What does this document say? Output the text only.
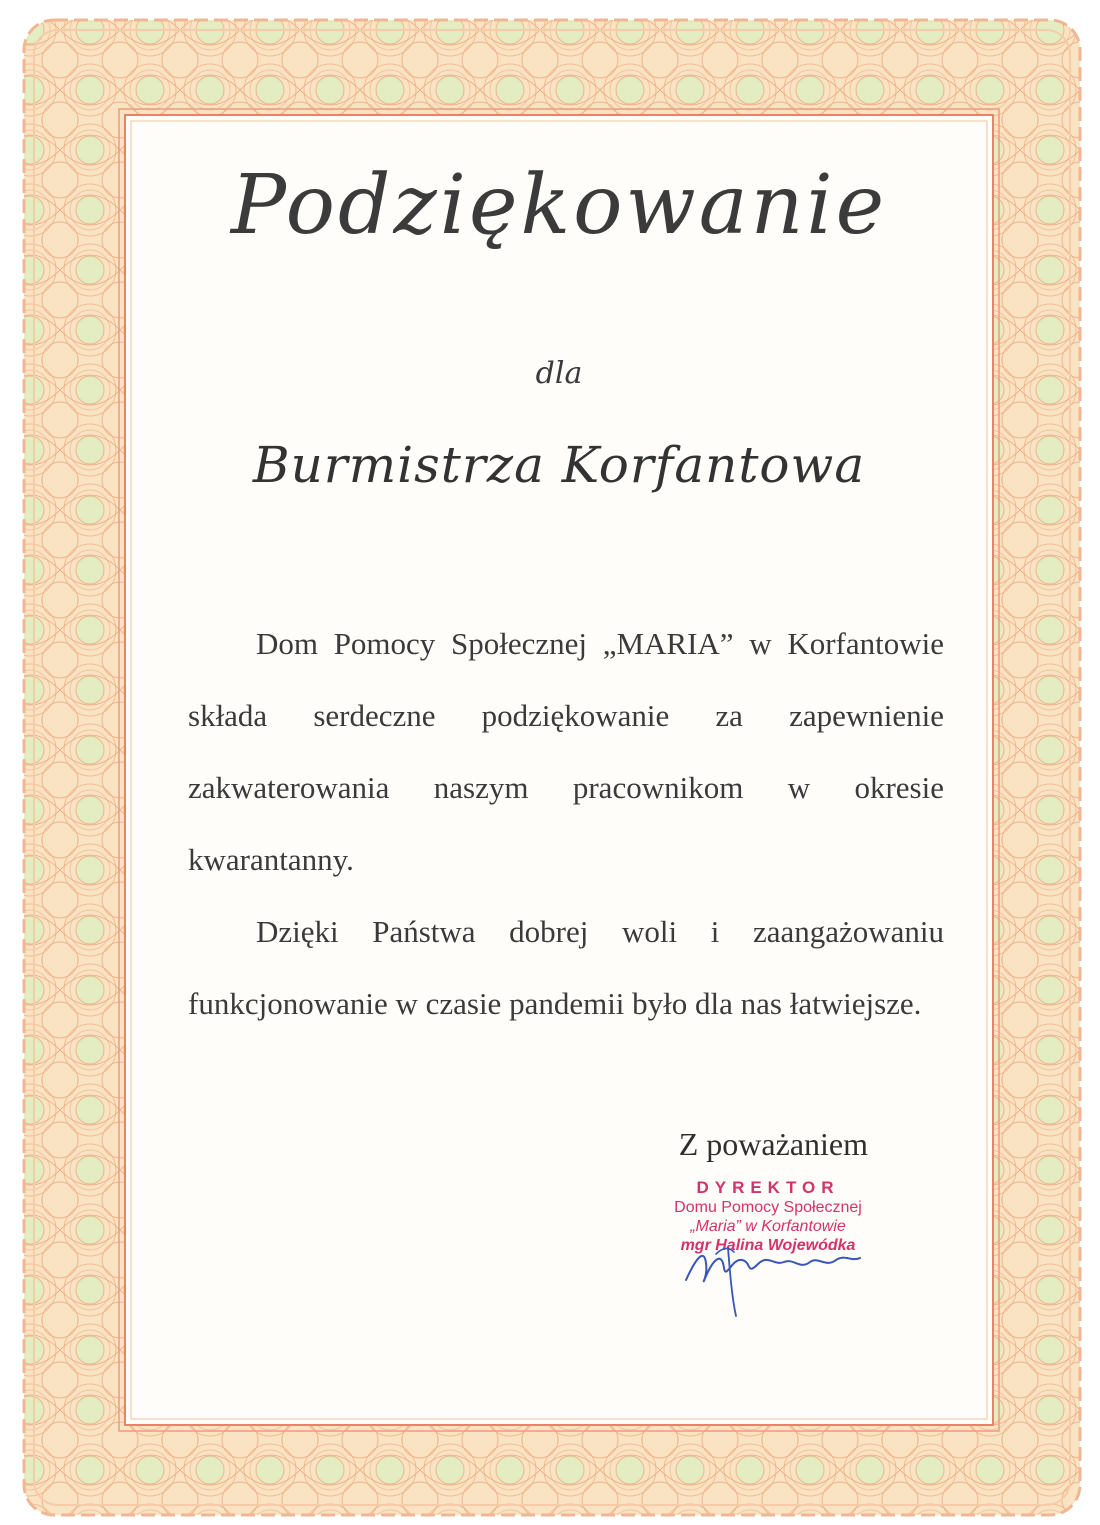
Podziękowanie
dla
Burmistrza Korfantowa

Dom Pomocy Społecznej „MARIA” w Korfantowie składa serdeczne podziękowanie za zapewnienie zakwaterowania naszym pracownikom w okresie kwarantanny.

Dzięki Państwa dobrej woli i zaangażowaniu funkcjonowanie w czasie pandemii było dla nas łatwiejsze.

Z poważaniem
DYREKTOR
Domu Pomocy Społecznej
„Maria” w Korfantowie
mgr Halina Wojewódka
